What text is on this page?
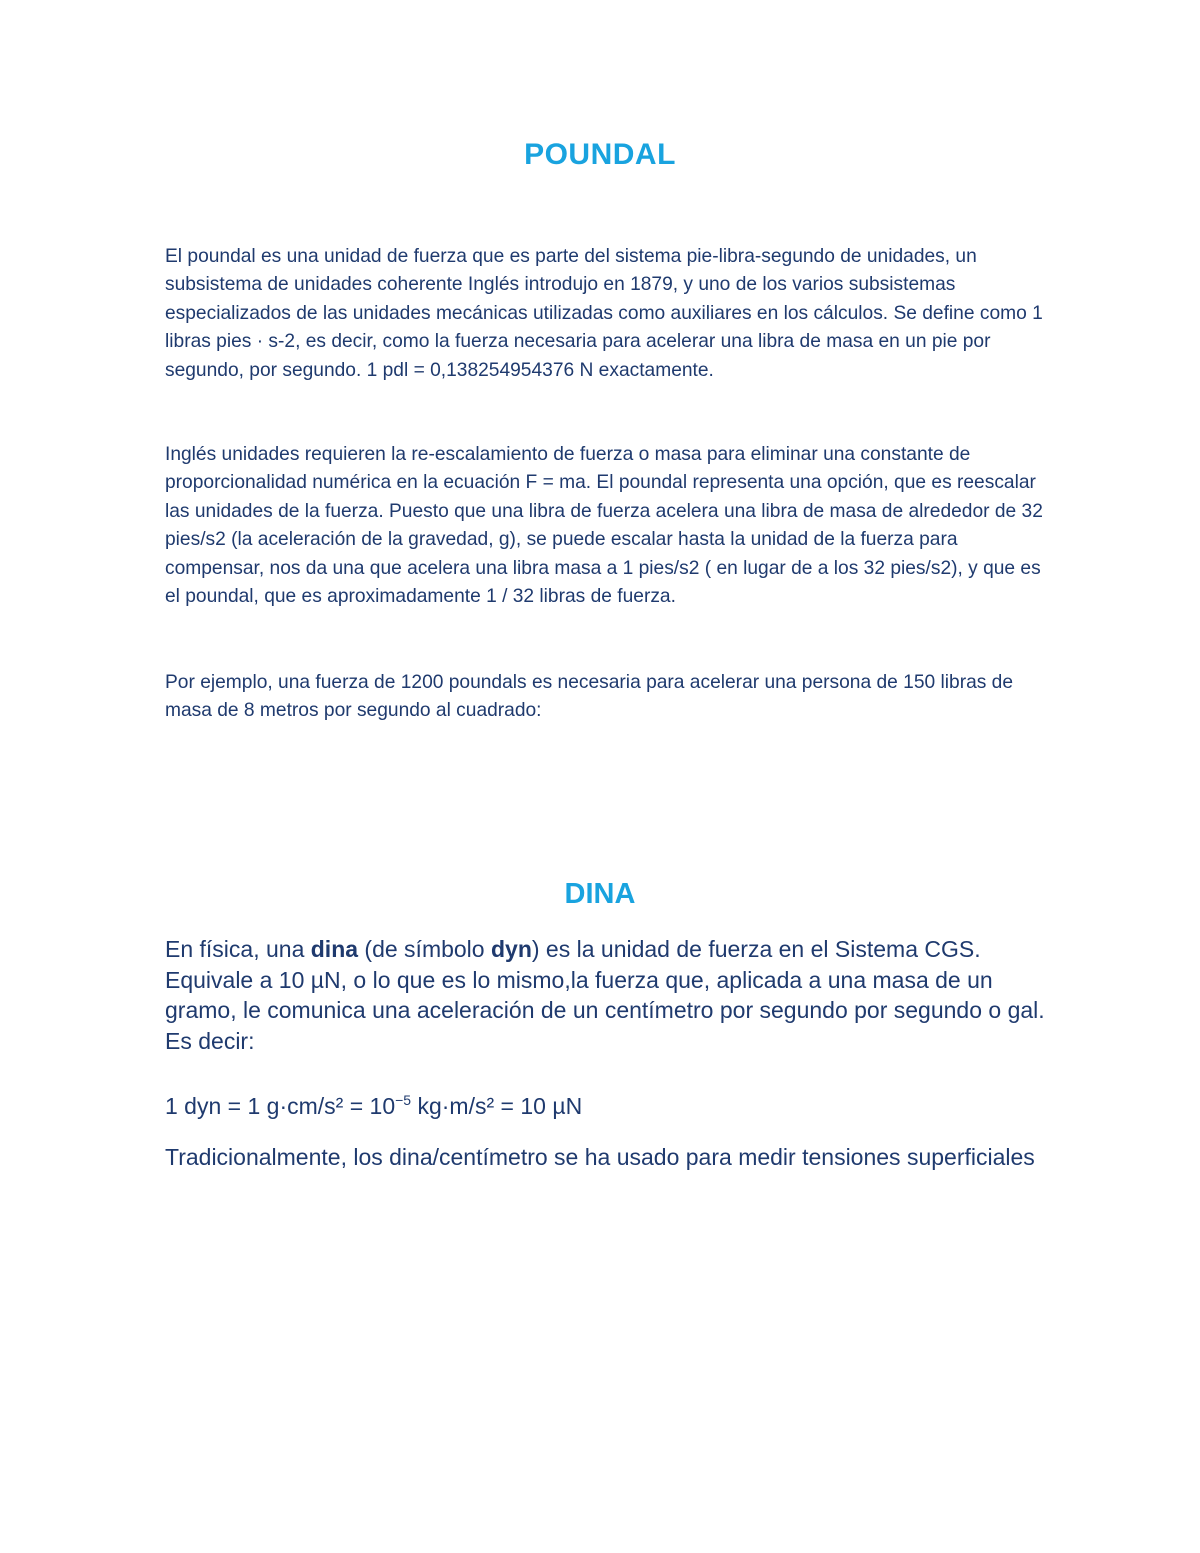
POUNDAL

El poundal es una unidad de fuerza que es parte del sistema pie-libra-segundo de unidades, un subsistema de unidades coherente Inglés introdujo en 1879, y uno de los varios subsistemas especializados de las unidades mecánicas utilizadas como auxiliares en los cálculos. Se define como 1 libras pies · s-2, es decir, como la fuerza necesaria para acelerar una libra de masa en un pie por segundo, por segundo. 1 pdl = 0,138254954376 N exactamente.

Inglés unidades requieren la re-escalamiento de fuerza o masa para eliminar una constante de proporcionalidad numérica en la ecuación F = ma. El poundal representa una opción, que es reescalar las unidades de la fuerza. Puesto que una libra de fuerza acelera una libra de masa de alrededor de 32 pies/s2 (la aceleración de la gravedad, g), se puede escalar hasta la unidad de la fuerza para compensar, nos da una que acelera una libra masa a 1 pies/s2 ( en lugar de a los 32 pies/s2), y que es el poundal, que es aproximadamente 1 / 32 libras de fuerza.

Por ejemplo, una fuerza de 1200 poundals es necesaria para acelerar una persona de 150 libras de masa de 8 metros por segundo al cuadrado:

DINA

En física, una dina (de símbolo dyn) es la unidad de fuerza en el Sistema CGS. Equivale a 10 µN, o lo que es lo mismo,la fuerza que, aplicada a una masa de un gramo, le comunica una aceleración de un centímetro por segundo por segundo o gal. Es decir:

1 dyn = 1 $g\cdot cm/s^2 = 10^{-5}$ kg·m/s² = 10 µN

Tradicionalmente, los dina/centímetro se ha usado para medir tensiones superficiales
